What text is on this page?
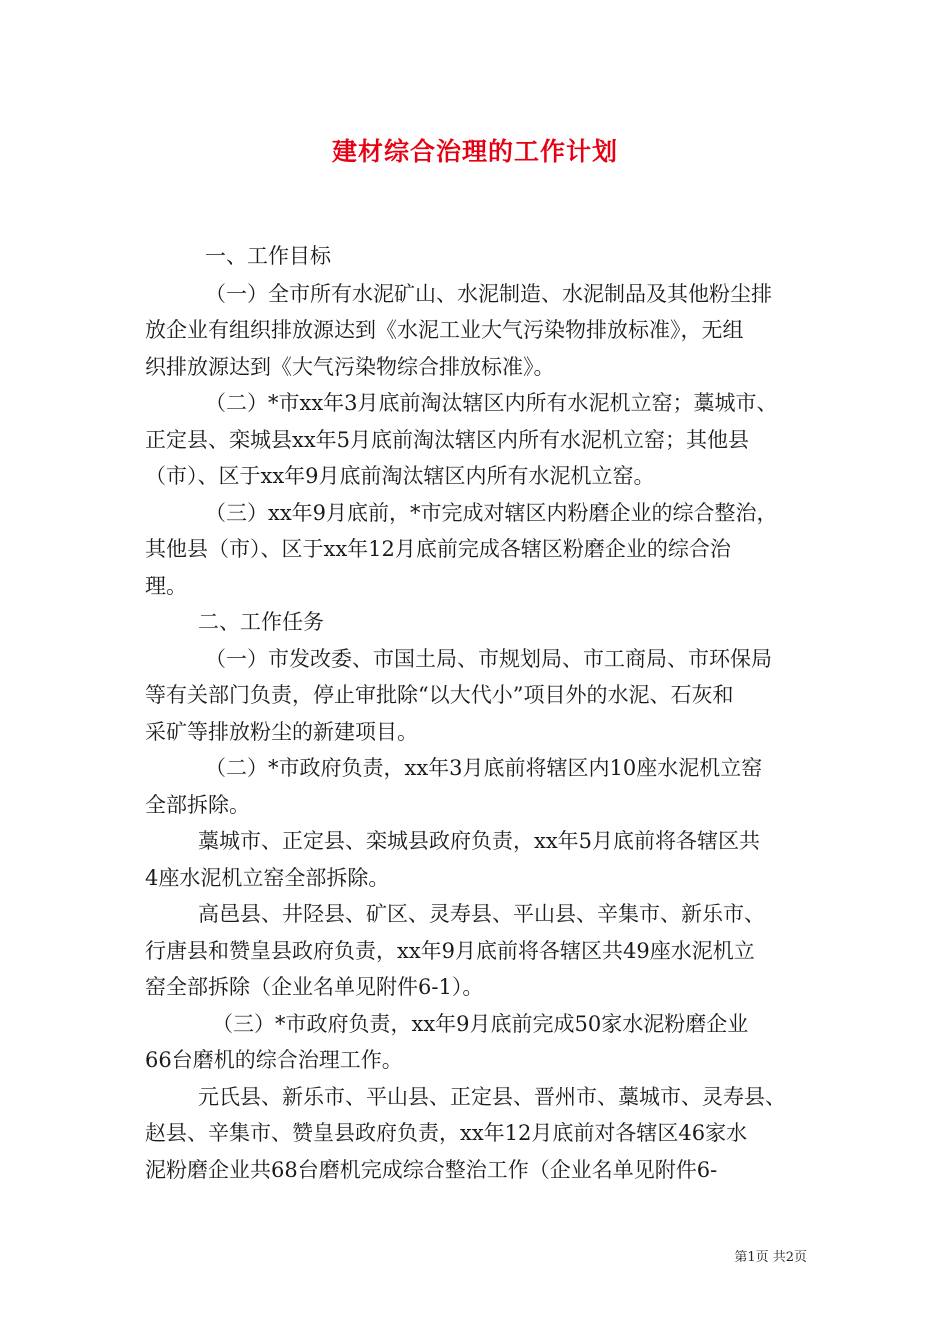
建材综合治理的工作计划
一、工作目标
（一）全市所有水泥矿山、水泥制造、水泥制品及其他粉尘排
放企业有组织排放源达到《水泥工业大气污染物排放标准》，无组
织排放源达到《大气污染物综合排放标准》。
（二）*市xx年3月底前淘汰辖区内所有水泥机立窑；藁城市、
正定县、栾城县xx年5月底前淘汰辖区内所有水泥机立窑；其他县
（市）、区于xx年9月底前淘汰辖区内所有水泥机立窑。
（三）xx年9月底前，*市完成对辖区内粉磨企业的综合整治，
其他县（市）、区于xx年12月底前完成各辖区粉磨企业的综合治
理。
二、工作任务
（一）市发改委、市国土局、市规划局、市工商局、市环保局
等有关部门负责，停止审批除“以大代小”项目外的水泥、石灰和
采矿等排放粉尘的新建项目。
（二）*市政府负责，xx年3月底前将辖区内10座水泥机立窑
全部拆除。
藁城市、正定县、栾城县政府负责，xx年5月底前将各辖区共
4座水泥机立窑全部拆除。
高邑县、井陉县、矿区、灵寿县、平山县、辛集市、新乐市、
行唐县和赞皇县政府负责，xx年9月底前将各辖区共49座水泥机立
窑全部拆除（企业名单见附件6-1）。
（三）*市政府负责，xx年9月底前完成50家水泥粉磨企业
66台磨机的综合治理工作。
元氏县、新乐市、平山县、正定县、晋州市、藁城市、灵寿县、
赵县、辛集市、赞皇县政府负责，xx年12月底前对各辖区46家水
泥粉磨企业共68台磨机完成综合整治工作（企业名单见附件6-
第1页 共2页
